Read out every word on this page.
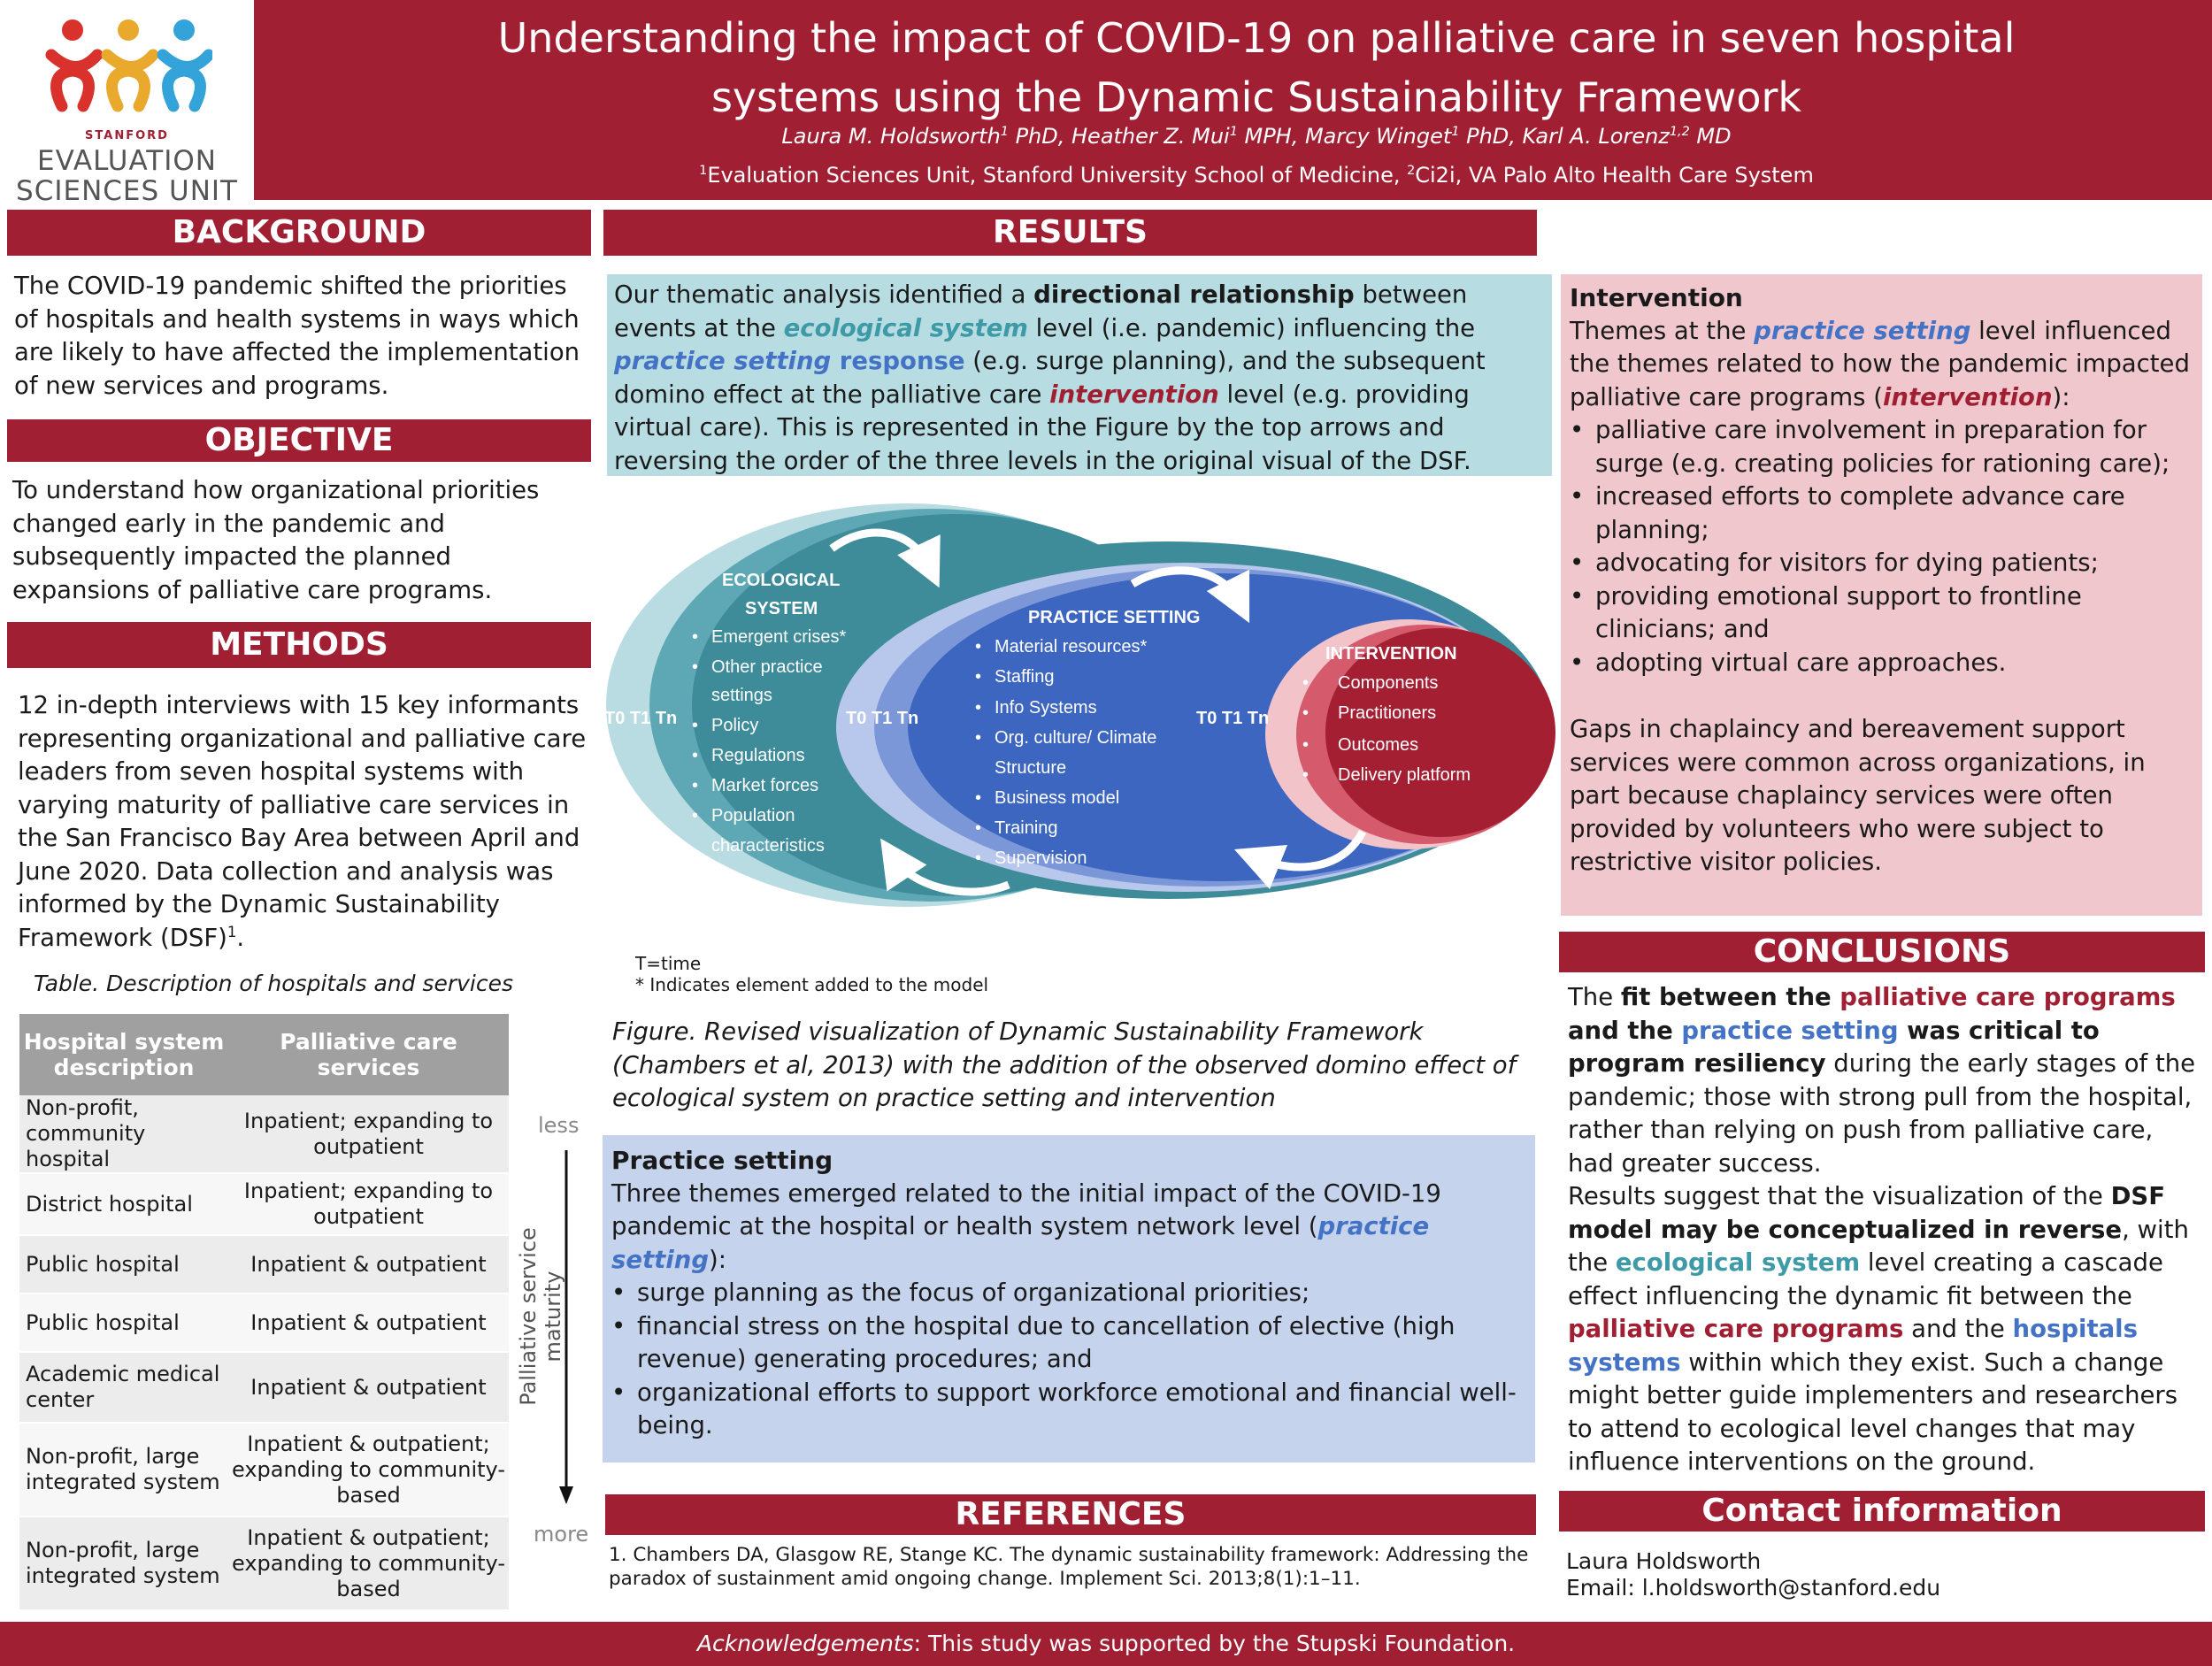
STANFORD
EVALUATION
SCIENCES UNIT
Understanding the impact of COVID-19 on palliative care in seven hospital
systems using the Dynamic Sustainability Framework
Laura M. Holdsworth$^1$ PhD, Heather Z. Mui$^1$ MPH, Marcy Winget$^1$ PhD, Karl A. Lorenz$^{1,2}$ MD
$^1$Evaluation Sciences Unit, Stanford University School of Medicine, $^2$Ci2i, VA Palo Alto Health Care System
BACKGROUND
The COVID-19 pandemic shifted the priorities of hospitals and health systems in ways which are likely to have affected the implementation of new services and programs.
OBJECTIVE
To understand how organizational priorities changed early in the pandemic and subsequently impacted the planned expansions of palliative care programs.
METHODS
12 in-depth interviews with 15 key informants representing organizational and palliative care leaders from seven hospital systems with varying maturity of palliative care services in the San Francisco Bay Area between April and June 2020. Data collection and analysis was informed by the Dynamic Sustainability Framework (DSF)$^1$.
Table. Description of hospitals and services
Hospital system description	Palliative care services
Non-profit, community hospital	Inpatient; expanding to outpatient
District hospital	Inpatient; expanding to outpatient
Public hospital	Inpatient & outpatient
Public hospital	Inpatient & outpatient
Academic medical center	Inpatient & outpatient
Non-profit, large integrated system	Inpatient & outpatient; expanding to community-based
Non-profit, large integrated system	Inpatient & outpatient; expanding to community-based
less
Palliative service maturity
more
RESULTS
Our thematic analysis identified a directional relationship between events at the ecological system level (i.e. pandemic) influencing the practice setting response (e.g. surge planning), and the subsequent domino effect at the palliative care intervention level (e.g. providing virtual care). This is represented in the Figure by the top arrows and reversing the order of the three levels in the original visual of the DSF.
T0 T1 Tn	T0 T1 Tn	T0 T1 Tn
ECOLOGICAL
SYSTEM
• Emergent crises*
• Other practice
settings
• Policy
• Regulations
• Market forces
• Population
characteristics
PRACTICE SETTING
• Material resources*
• Staffing
• Info Systems
• Org. culture/ Climate
Structure
• Business model
• Training
• Supervision
INTERVENTION
• Components
• Practitioners
• Outcomes
• Delivery platform
T=time
* Indicates element added to the model
Figure. Revised visualization of Dynamic Sustainability Framework (Chambers et al, 2013) with the addition of the observed domino effect of ecological system on practice setting and intervention
Practice setting
Three themes emerged related to the initial impact of the COVID-19 pandemic at the hospital or health system network level (practice setting):
• surge planning as the focus of organizational priorities;
• financial stress on the hospital due to cancellation of elective (high revenue) generating procedures; and
• organizational efforts to support workforce emotional and financial well-being.
Intervention
Themes at the practice setting level influenced the themes related to how the pandemic impacted palliative care programs (intervention):
• palliative care involvement in preparation for surge (e.g. creating policies for rationing care);
• increased efforts to complete advance care planning;
• advocating for visitors for dying patients;
• providing emotional support to frontline clinicians; and
• adopting virtual care approaches.
Gaps in chaplaincy and bereavement support services were common across organizations, in part because chaplaincy services were often provided by volunteers who were subject to restrictive visitor policies.
CONCLUSIONS
The fit between the palliative care programs and the practice setting was critical to program resiliency during the early stages of the pandemic; those with strong pull from the hospital, rather than relying on push from palliative care, had greater success.
Results suggest that the visualization of the DSF model may be conceptualized in reverse, with the ecological system level creating a cascade effect influencing the dynamic fit between the palliative care programs and the hospitals systems within which they exist. Such a change might better guide implementers and researchers to attend to ecological level changes that may influence interventions on the ground.
REFERENCES
1. Chambers DA, Glasgow RE, Stange KC. The dynamic sustainability framework: Addressing the paradox of sustainment amid ongoing change. Implement Sci. 2013;8(1):1–11.
Contact information
Laura Holdsworth
Email: l.holdsworth@stanford.edu
Acknowledgements: This study was supported by the Stupski Foundation.
